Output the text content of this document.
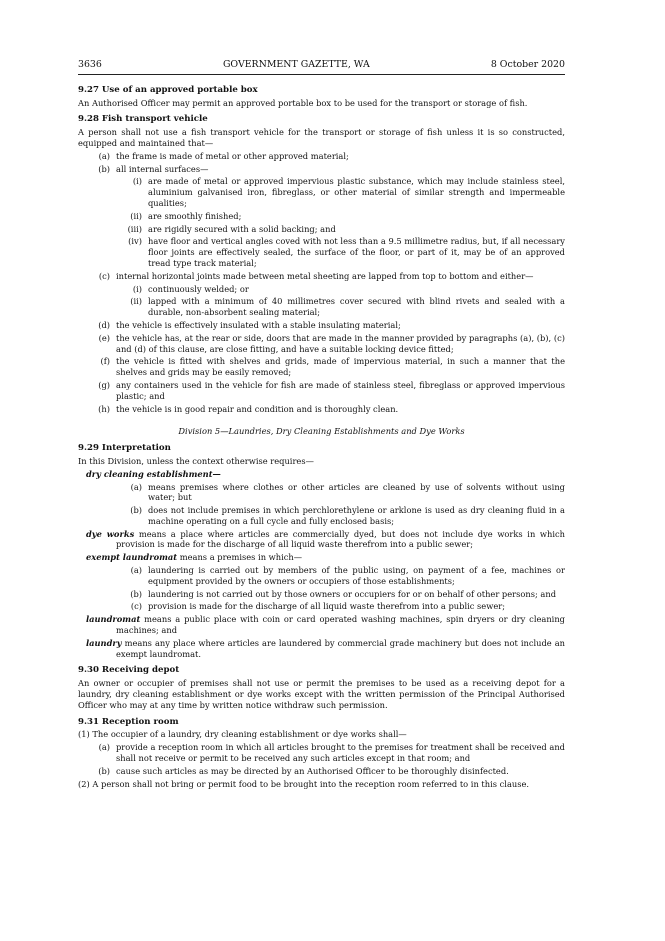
3636	GOVERNMENT GAZETTE, WA	8 October 2020
9.27 Use of an approved portable box
An Authorised Officer may permit an approved portable box to be used for the transport or storage of fish.
9.28 Fish transport vehicle
A person shall not use a fish transport vehicle for the transport or storage of fish unless it is so constructed, equipped and maintained that—
(a) the frame is made of metal or other approved material;
(b) all internal surfaces—
(i) are made of metal or approved impervious plastic substance, which may include stainless steel, aluminium galvanised iron, fibreglass, or other material of similar strength and impermeable qualities;
(ii) are smoothly finished;
(iii) are rigidly secured with a solid backing; and
(iv) have floor and vertical angles coved with not less than a 9.5 millimetre radius, but, if all necessary floor joints are effectively sealed, the surface of the floor, or part of it, may be of an approved tread type track material;
(c) internal horizontal joints made between metal sheeting are lapped from top to bottom and either—
(i) continuously welded; or
(ii) lapped with a minimum of 40 millimetres cover secured with blind rivets and sealed with a durable, non-absorbent sealing material;
(d) the vehicle is effectively insulated with a stable insulating material;
(e) the vehicle has, at the rear or side, doors that are made in the manner provided by paragraphs (a), (b), (c) and (d) of this clause, are close fitting, and have a suitable locking device fitted;
(f) the vehicle is fitted with shelves and grids, made of impervious material, in such a manner that the shelves and grids may be easily removed;
(g) any containers used in the vehicle for fish are made of stainless steel, fibreglass or approved impervious plastic; and
(h) the vehicle is in good repair and condition and is thoroughly clean.
Division 5—Laundries, Dry Cleaning Establishments and Dye Works
9.29 Interpretation
In this Division, unless the context otherwise requires—
dry cleaning establishment—
(a) means premises where clothes or other articles are cleaned by use of solvents without using water; but
(b) does not include premises in which perchlorethylene or arklone is used as dry cleaning fluid in a machine operating on a full cycle and fully enclosed basis;
dye works means a place where articles are commercially dyed, but does not include dye works in which provision is made for the discharge of all liquid waste therefrom into a public sewer;
exempt laundromat means a premises in which—
(a) laundering is carried out by members of the public using, on payment of a fee, machines or equipment provided by the owners or occupiers of those establishments;
(b) laundering is not carried out by those owners or occupiers for or on behalf of other persons; and
(c) provision is made for the discharge of all liquid waste therefrom into a public sewer;
laundromat means a public place with coin or card operated washing machines, spin dryers or dry cleaning machines; and
laundry means any place where articles are laundered by commercial grade machinery but does not include an exempt laundromat.
9.30 Receiving depot
An owner or occupier of premises shall not use or permit the premises to be used as a receiving depot for a laundry, dry cleaning establishment or dye works except with the written permission of the Principal Authorised Officer who may at any time by written notice withdraw such permission.
9.31 Reception room
(1) The occupier of a laundry, dry cleaning establishment or dye works shall—
(a) provide a reception room in which all articles brought to the premises for treatment shall be received and shall not receive or permit to be received any such articles except in that room; and
(b) cause such articles as may be directed by an Authorised Officer to be thoroughly disinfected.
(2) A person shall not bring or permit food to be brought into the reception room referred to in this clause.
